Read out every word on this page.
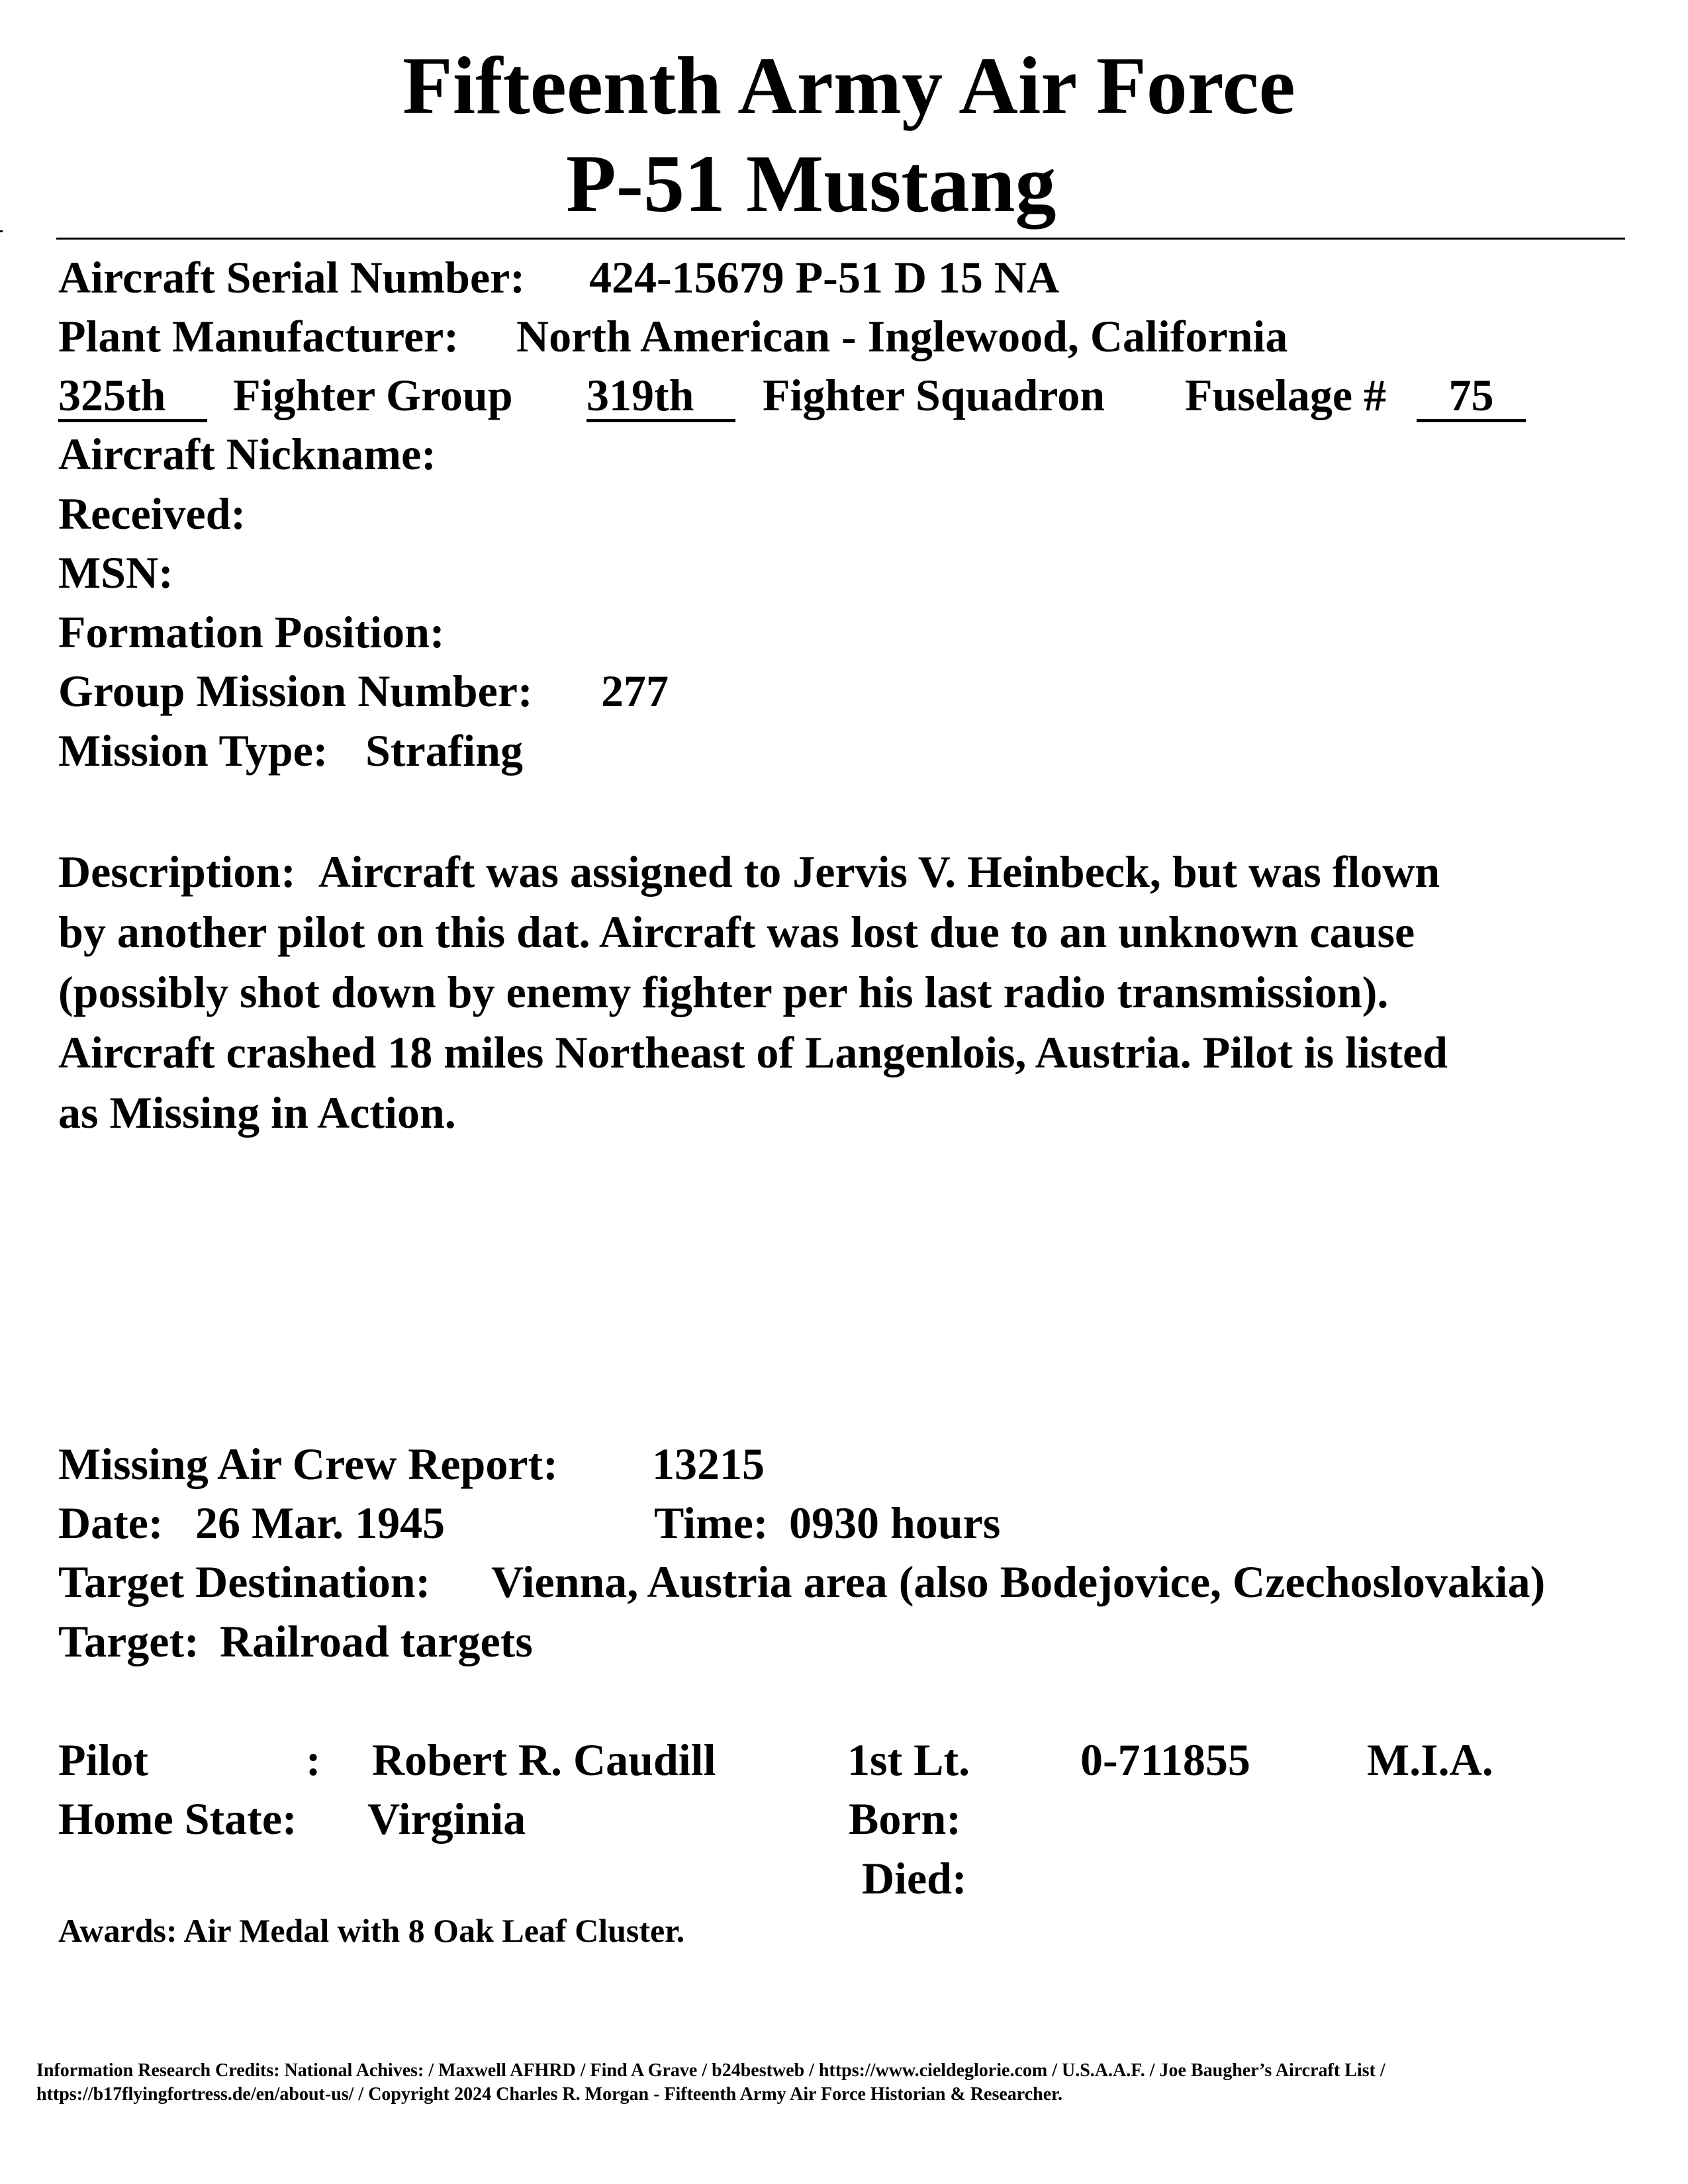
Fifteenth Army Air Force
P-51 Mustang
Aircraft Serial Number: 424-15679 P-51 D 15 NA
Plant Manufacturer: North American - Inglewood, California
325th	Fighter Group 319th	Fighter Squadron Fuselage #	75
Aircraft Nickname:
Received:
MSN:
Formation Position:
Group Mission Number: 277
Mission Type: Strafing
Description: Aircraft was assigned to Jervis V. Heinbeck, but was flown
by another pilot on this dat. Aircraft was lost due to an unknown cause
(possibly shot down by enemy fighter per his last radio transmission).
Aircraft crashed 18 miles Northeast of Langenlois, Austria. Pilot is listed
as Missing in Action.
Missing Air Crew Report: 13215
Date: 26 Mar. 1945	Time: 0930 hours
Target Destination: Vienna, Austria area (also Bodejovice, Czechoslovakia)
Target: Railroad targets
Pilot	: Robert R. Caudill	1st Lt. 0-711855	M.I.A.
Home State: Virginia	Born:
Died:
Awards: Air Medal with 8 Oak Leaf Cluster.
Information Research Credits: National Achives: / Maxwell AFHRD / Find A Grave / b24bestweb / https://www.cieldeglorie.com / U.S.A.A.F. / Joe Baugher’s Aircraft List /
https://b17flyingfortress.de/en/about-us/ / Copyright 2024 Charles R. Morgan - Fifteenth Army Air Force Historian & Researcher.
